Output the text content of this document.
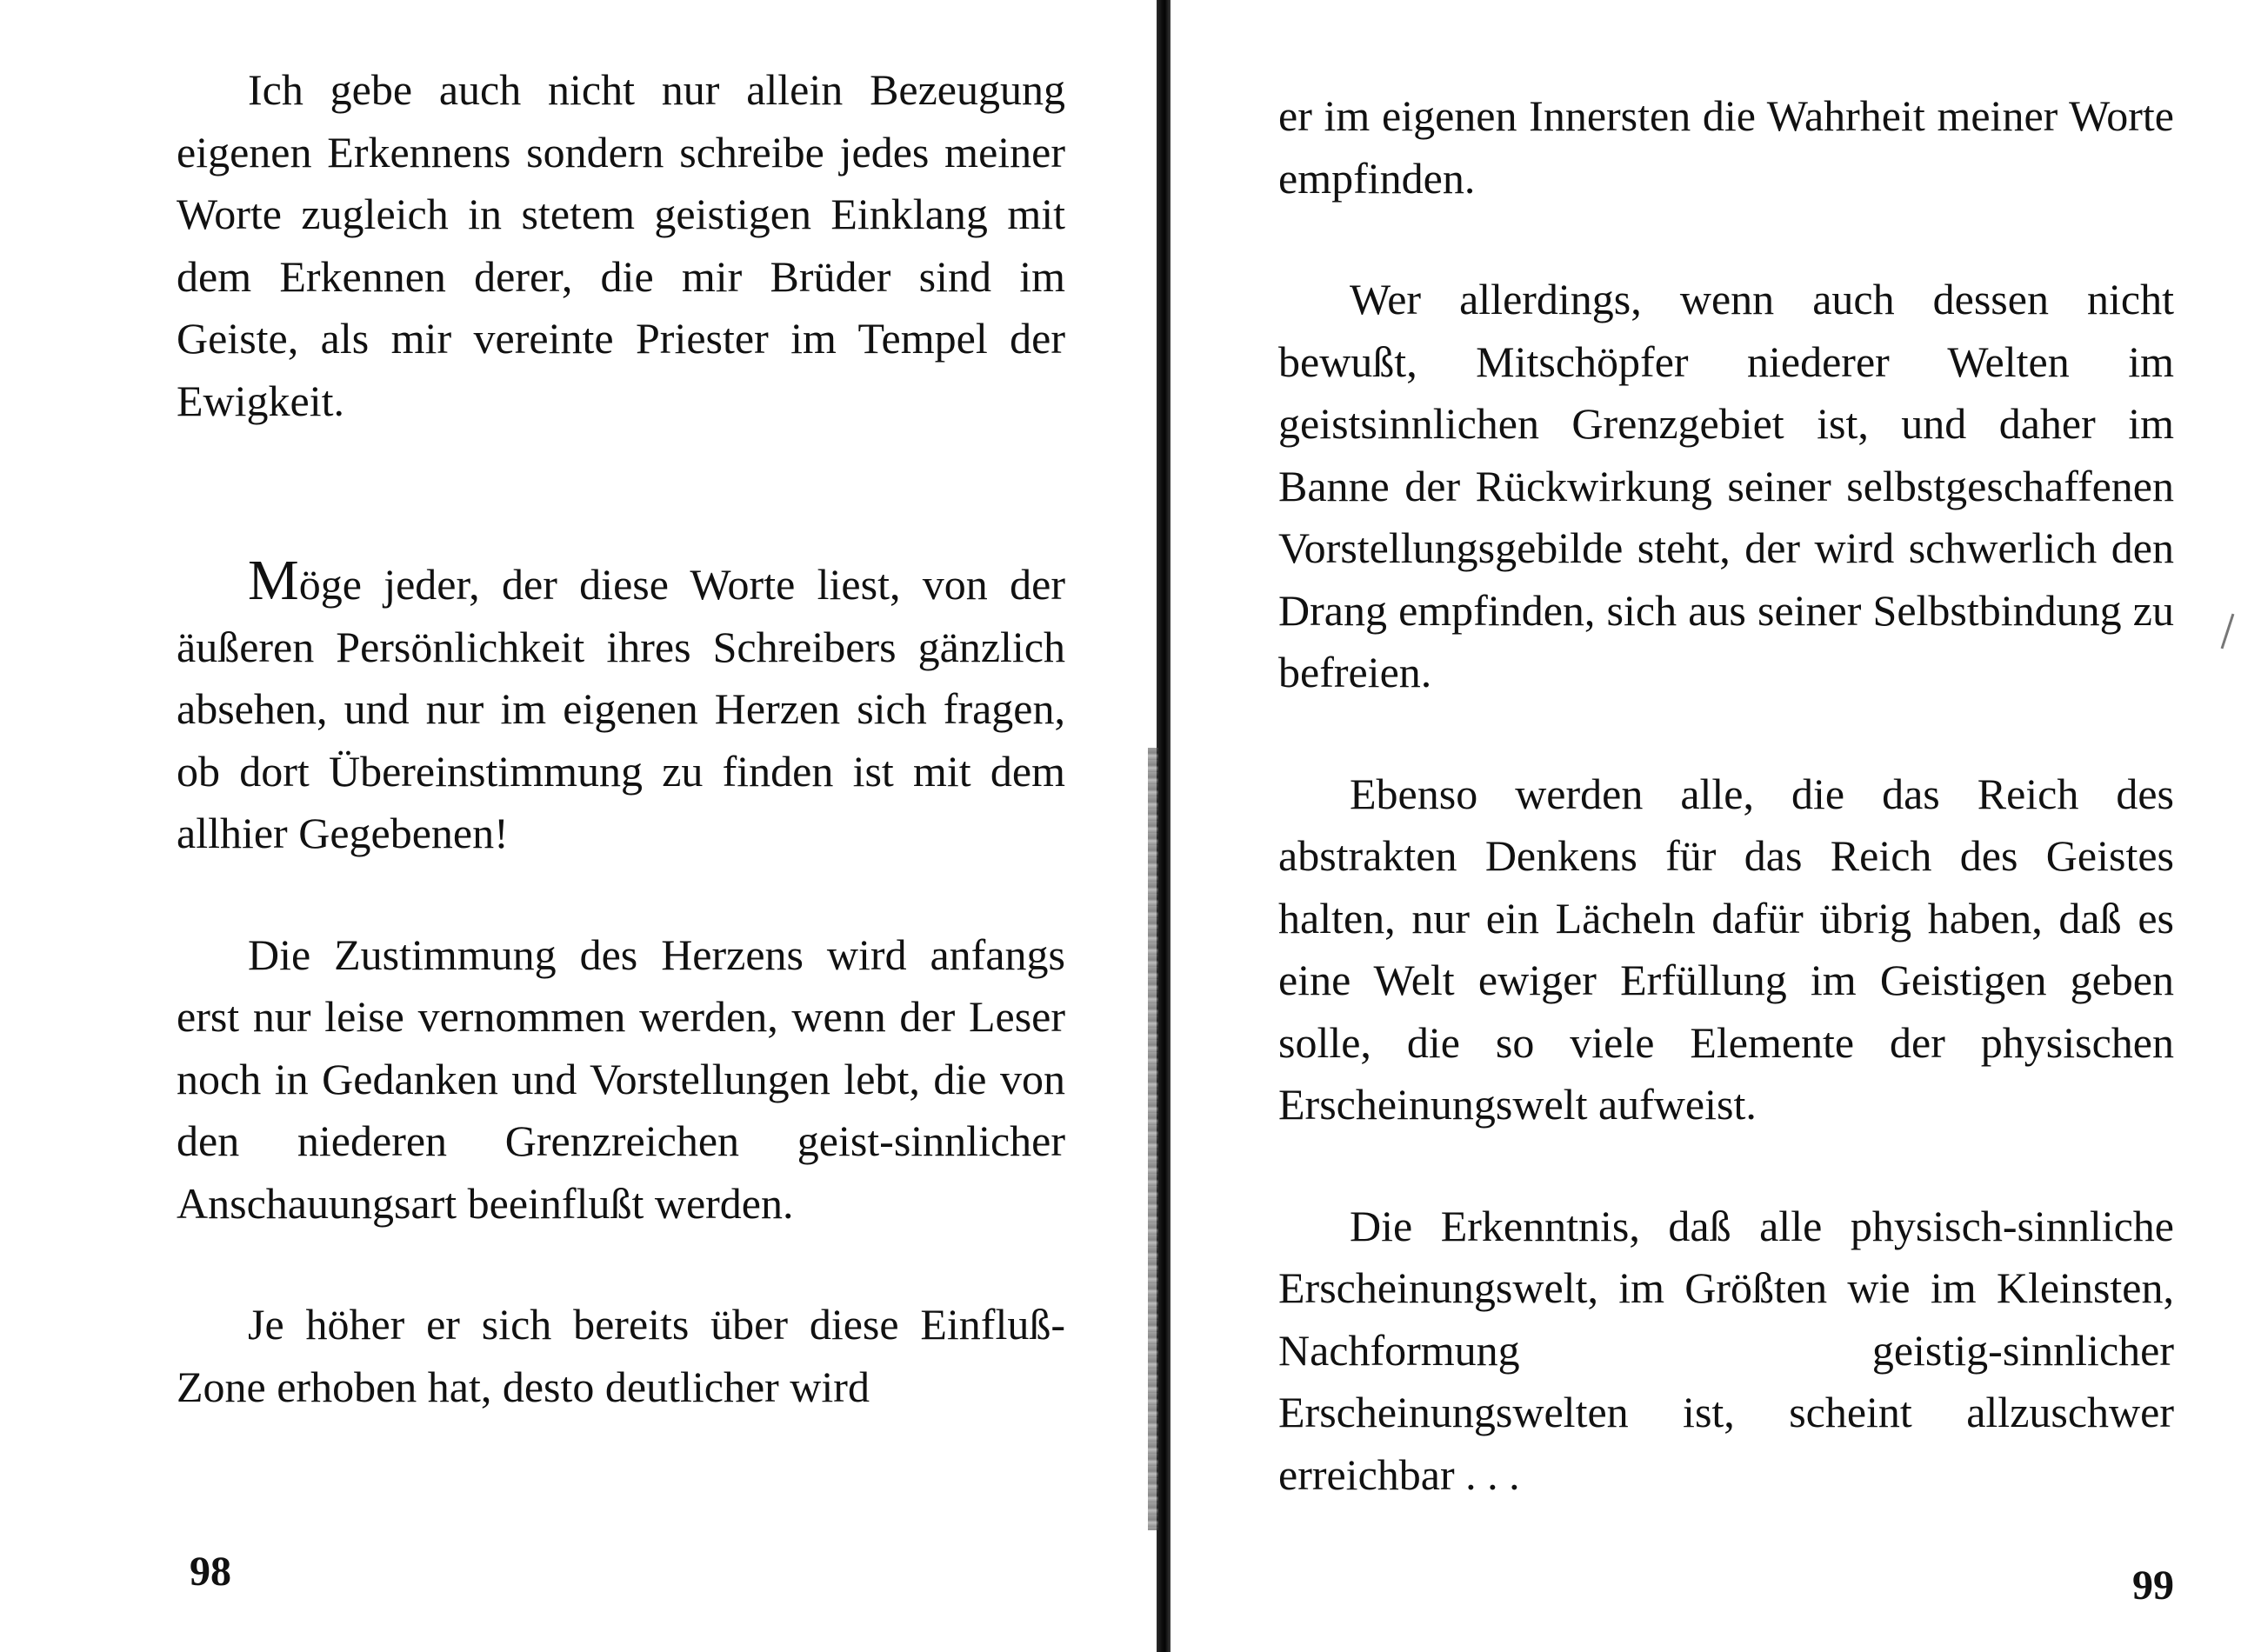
Ich gebe auch nicht nur allein Bezeugung eigenen Erkennens sondern schreibe jedes meiner Worte zugleich in stetem geistigen Einklang mit dem Erkennen derer, die mir Brüder sind im Geiste, als mir vereinte Priester im Tempel der Ewigkeit.

Möge jeder, der diese Worte liest, von der äußeren Persönlichkeit ihres Schreibers gänzlich absehen, und nur im eigenen Herzen sich fragen, ob dort Übereinstimmung zu finden ist mit dem allhier Gegebenen!

Die Zustimmung des Herzens wird anfangs erst nur leise vernommen werden, wenn der Leser noch in Gedanken und Vorstellungen lebt, die von den niederen Grenzreichen geist-sinnlicher Anschauungsart beeinflußt werden.

Je höher er sich bereits über diese Einfluß-Zone erhoben hat, desto deutlicher wird

98

er im eigenen Innersten die Wahrheit meiner Worte empfinden.

Wer allerdings, wenn auch dessen nicht bewußt, Mitschöpfer niederer Welten im geistsinnlichen Grenzgebiet ist, und daher im Banne der Rückwirkung seiner selbstgeschaffenen Vorstellungsgebilde steht, der wird schwerlich den Drang empfinden, sich aus seiner Selbstbindung zu befreien.

Ebenso werden alle, die das Reich des abstrakten Denkens für das Reich des Geistes halten, nur ein Lächeln dafür übrig haben, daß es eine Welt ewiger Erfüllung im Geistigen geben solle, die so viele Elemente der physischen Erscheinungswelt aufweist.

Die Erkenntnis, daß alle physisch-sinnliche Erscheinungswelt, im Größten wie im Kleinsten, Nachformung geistig-sinnlicher Erscheinungswelten ist, scheint allzuschwer erreichbar . . .

99
